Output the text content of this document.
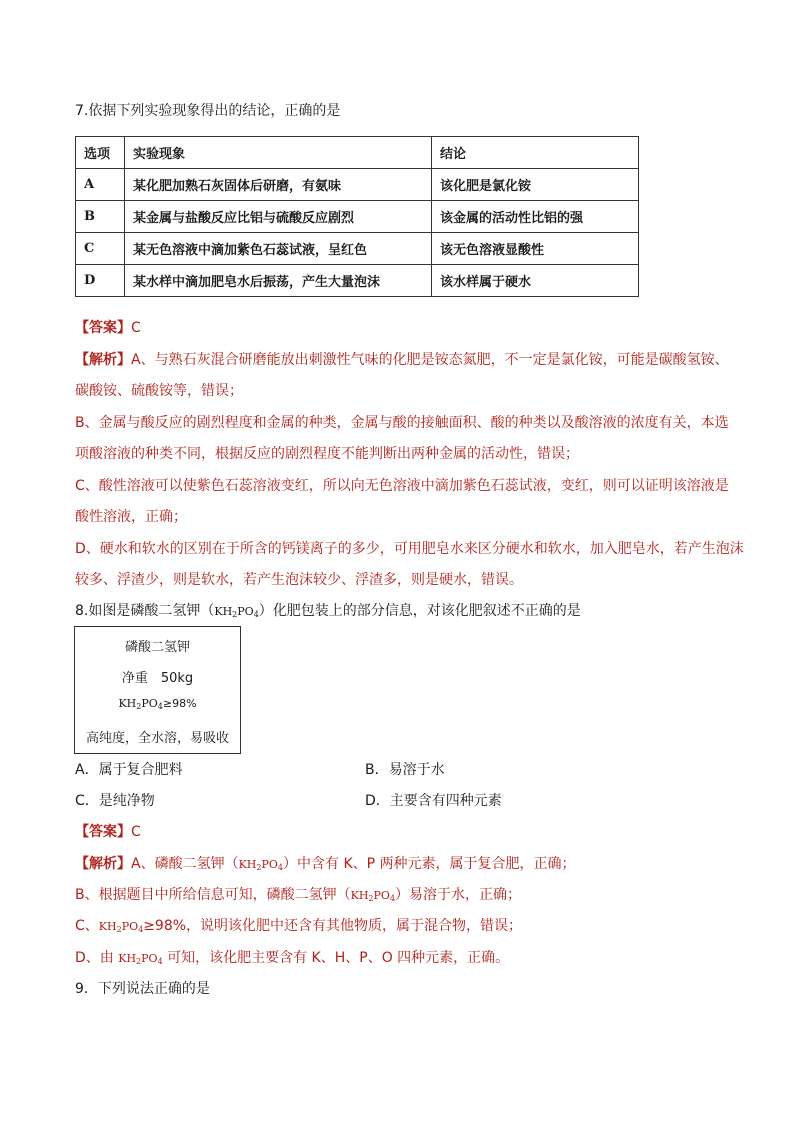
7.依据下列实验现象得出的结论，正确的是
选项	实验现象	结论
A	某化肥加熟石灰固体后研磨，有氨味	该化肥是氯化铵
B	某金属与盐酸反应比铝与硫酸反应剧烈	该金属的活动性比铝的强
C	某无色溶液中滴加紫色石蕊试液，呈红色	该无色溶液显酸性
D	某水样中滴加肥皂水后振荡，产生大量泡沫	该水样属于硬水
【答案】C
【解析】A、与熟石灰混合研磨能放出刺激性气味的化肥是铵态氮肥，不一定是氯化铵，可能是碳酸氢铵、
碳酸铵、硫酸铵等，错误；
B、金属与酸反应的剧烈程度和金属的种类，金属与酸的接触面积、酸的种类以及酸溶液的浓度有关，本选
项酸溶液的种类不同，根据反应的剧烈程度不能判断出两种金属的活动性，错误；
C、酸性溶液可以使紫色石蕊溶液变红，所以向无色溶液中滴加紫色石蕊试液，变红，则可以证明该溶液是
酸性溶液，正确；
D、硬水和软水的区别在于所含的钙镁离子的多少，可用肥皂水来区分硬水和软水，加入肥皂水，若产生泡沫
较多、浮渣少，则是软水，若产生泡沫较少、浮渣多，则是硬水，错误。
8.如图是磷酸二氢钾$(KH_2PO_4)$化肥包装上的部分信息，对该化肥叙述不正确的是
磷酸二氢钾
净重　50kg
$KH_2PO_4\ge 98\%$
高纯度，全水溶，易吸收
A．属于复合肥料	B．易溶于水
C．是纯净物	D．主要含有四种元素
【答案】C
【解析】A、磷酸二氢钾$(KH_2PO_4)$中含有 K、P 两种元素，属于复合肥，正确；
B、根据题目中所给信息可知，磷酸二氢钾$(KH_2PO_4)$易溶于水，正确；
C、$KH_2PO_4\ge 98\%$，说明该化肥中还含有其他物质，属于混合物，错误；
D、由 $KH_2PO_4$ 可知，该化肥主要含有 K、H、P、O 四种元素，正确。
9．下列说法正确的是
